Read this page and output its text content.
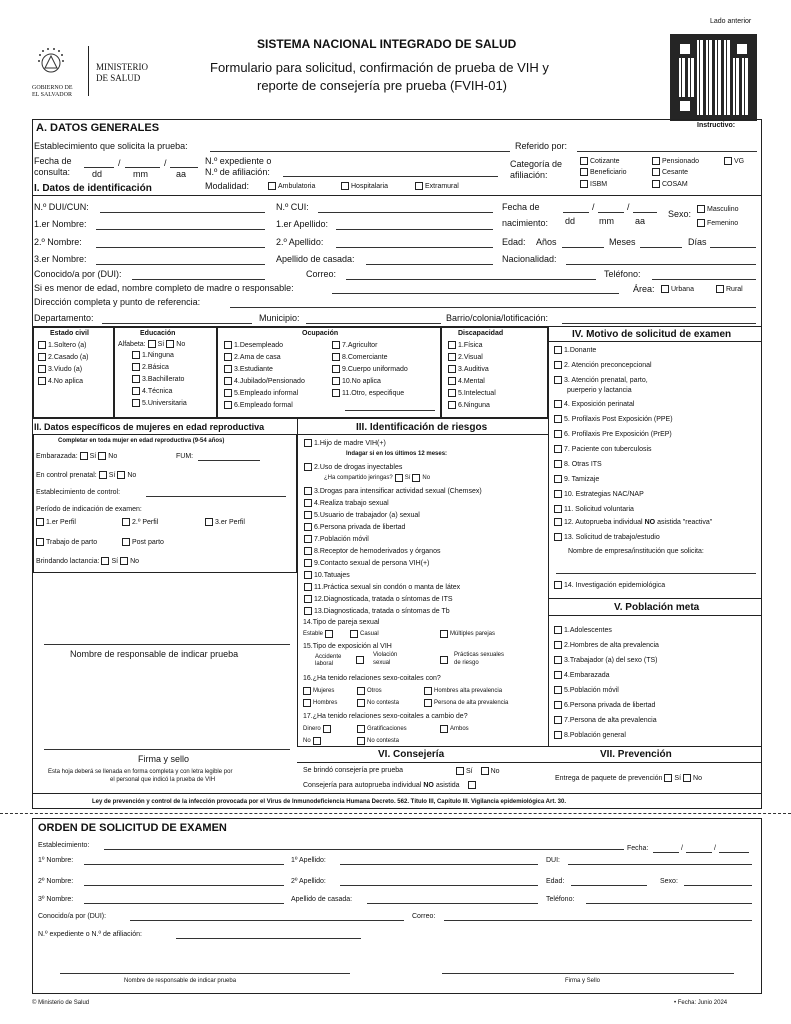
Lado anterior
GOBIERNO DE
EL SALVADOR
MINISTERIO
DE SALUD
SISTEMA NACIONAL INTEGRADO DE SALUD
Formulario para solicitud, confirmación de prueba de VIH y
reporte de consejería pre prueba (FVIH-01)
Instructivo:
A. DATOS GENERALES
Establecimiento que solicita la prueba:	Referido por:
Fecha de
consulta:
/	/
dd	mm	aa
N.º expediente o
N.º de afiliación:
Categoría de
afiliación:
Cotizante	Pensionado	VG
Beneficiario	Cesante
ISBM	COSAM
I. Datos de identificación	Modalidad:	Ambulatoria	Hospitalaria	Extramural
N.º DUI/CUN:	N.º CUI:	Fecha de
nacimiento:
/	/
dd	mm aa
Sexo: Masculino
Femenino
1.er Nombre:	1.er Apellido:
2.º Nombre:	2.º Apellido:	Edad: Años	Meses	Días
3.er Nombre:	Apellido de casada:	Nacionalidad:
Conocido/a por (DUI):	Correo:	Teléfono:
Si es menor de edad, nombre completo de madre o responsable:	Área: Urbana	Rural
Dirección completa y punto de referencia:
Departamento:	Municipio:	Barrio/colonia/lotificación:
Estado civil
1.Soltero (a)
2.Casado (a)
3.Viudo (a)
4.No aplica
Educación
Alfabeta: Sí No
1.Ninguna
2.Básica
3.Bachillerato
4.Técnica
5.Universitaria
Ocupación
1.Desempleado
2.Ama de casa
3.Estudiante
4.Jubilado/Pensionado
5.Empleado informal
6.Empleado formal
7.Agricultor
8.Comerciante
9.Cuerpo uniformado
10.No aplica
11.Otro, especifique
Discapacidad
1.Física
2.Visual
3.Auditiva
4.Mental
5.Intelectual
6.Ninguna
IV. Motivo de solicitud de examen
1.Donante
2. Atención preconcepcional
3. Atención prenatal, parto,
4. Exposición perinatal
5. Profilaxis Post Exposición (PPE)
6. Profilaxis Pre Exposición (PrEP)
7. Paciente con tuberculosis
8. Otras ITS
9. Tamizaje
10. Estrategias NAC/NAP
11. Solicitud voluntaria
puerperio y lactancia
12. Autoprueba individual NO asistida "reactiva"
13. Solicitud de trabajo/estudio
Nombre de empresa/institución que solicita:
14. Investigación epidemiológica
V. Población meta
1.Adolescentes
2.Hombres de alta prevalencia
3.Trabajador (a) del sexo (TS)
4.Embarazada
5.Población móvil
6.Persona privada de libertad
7.Persona de alta prevalencia
8.Población general
II. Datos específicos de mujeres en edad reproductiva
Completar en toda mujer en edad reproductiva (9-54 años)
Embarazada: Sí No	FUM:
En control prenatal: Sí No
Establecimiento de control:
Período de indicación de examen:
1.er Perfil	2.º Perfil	3.er Perfil
Trabajo de parto	Post parto
Brindando lactancia: Sí No
Nombre de responsable de indicar prueba
Firma y sello
Esta hoja deberá se llenada en forma completa y con letra legible por
el personal que indicó la prueba de VIH
III. Identificación de riesgos
1.Hijo de madre VIH(+)
Indagar si en los últimos 12 meses:
2.Uso de drogas inyectables
¿Ha compartido jeringas? Sí No
3.Drogas para intensificar actividad sexual (Chemsex)
4.Realiza trabajo sexual
5.Usuario de trabajador (a) sexual
6.Persona privada de libertad
7.Población móvil
8.Receptor de hemoderivados y órganos
9.Contacto sexual de persona VIH(+)
10.Tatuajes
11.Práctica sexual sin condón o manta de látex
12.Diagnosticada, tratada o síntomas de ITS
13.Diagnosticada, tratada o síntomas de Tb
14.Tipo de pareja sexual
Estable	Casual	Múltiples parejas
15.Tipo de exposición al VIH
Accidente
laboral
Violación
sexual
Prácticas sexuales
de riesgo
16.¿Ha tenido relaciones sexo-coitales con?
Mujeres	Otros	Hombres alta prevalencia
Hombres	No contesta	Persona de alta prevalencia
17.¿Ha tenido relaciones sexo-coitales a cambio de?
Dinero	Gratificaciones	Ambos
No	No contesta
VI. Consejería
Se brindó consejería pre prueba	Sí	No
Consejería para autoprueba individual NO asistida
VII. Prevención
Entrega de paquete de prevención Sí No
Ley de prevención y control de la infección provocada por el Virus de Inmunodeficiencia Humana Decreto. 562. Título III, Capítulo III. Vigilancia epidemiológica Art. 30.
ORDEN DE SOLICITUD DE EXAMEN
Establecimiento:	Fecha:	/	/
1º Nombre:	1º Apellido:	DUI:
2º Nombre:	2º Apellido:	Edad:	Sexo:
3º Nombre:	Apellido de casada:	Teléfono:
Conocido/a por (DUI):	Correo:
N.º expediente o N.º de afiliación:
Nombre de responsable de indicar prueba	Firma y Sello
© Ministerio de Salud	• Fecha: Junio 2024
